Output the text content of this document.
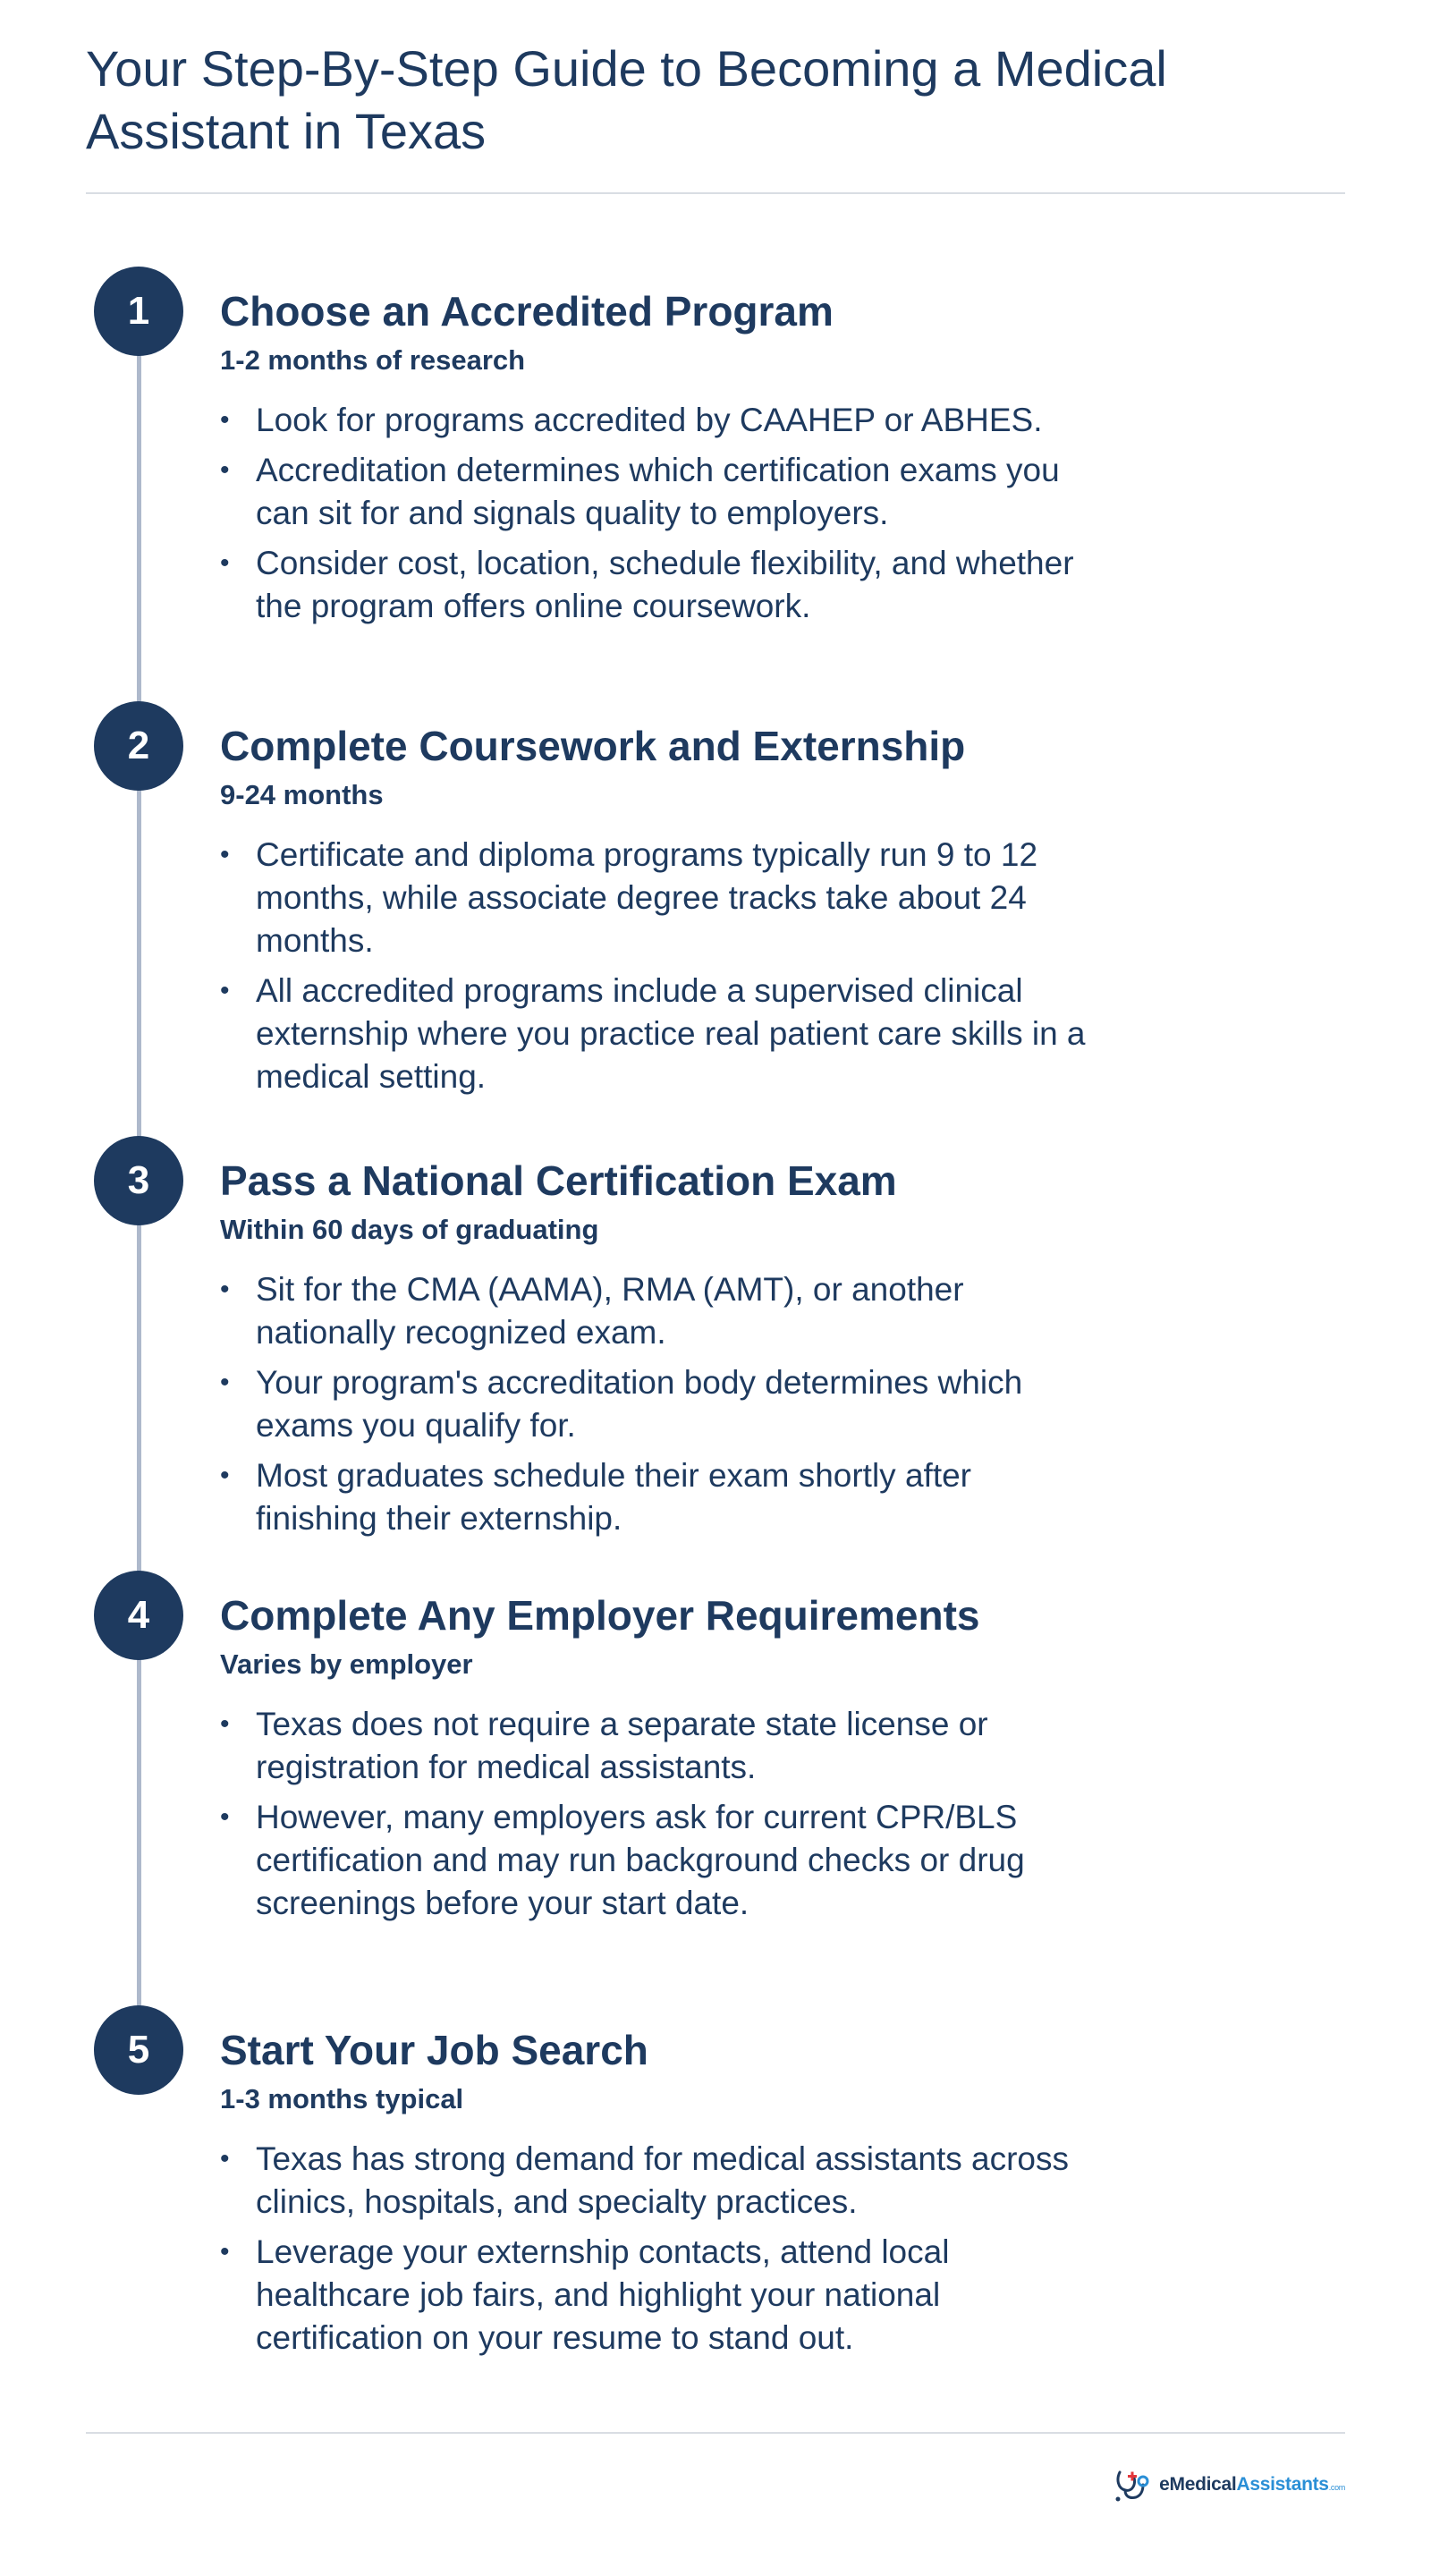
Your Step-By-Step Guide to Becoming a Medical Assistant in Texas
1	Choose an Accredited Program

1-2 months of research

• Look for programs accredited by CAAHEP or ABHES.
• Accreditation determines which certification exams you can sit for and signals quality to employers.
• Consider cost, location, schedule flexibility, and whether the program offers online coursework.
2	Complete Coursework and Externship

9-24 months

• Certificate and diploma programs typically run 9 to 12 months, while associate degree tracks take about 24 months.
• All accredited programs include a supervised clinical externship where you practice real patient care skills in a medical setting.
3	Pass a National Certification Exam

Within 60 days of graduating

• Sit for the CMA (AAMA), RMA (AMT), or another nationally recognized exam.
• Your program's accreditation body determines which exams you qualify for.
• Most graduates schedule their exam shortly after finishing their externship.
4	Complete Any Employer Requirements

Varies by employer

• Texas does not require a separate state license or registration for medical assistants.
• However, many employers ask for current CPR/BLS certification and may run background checks or drug screenings before your start date.
5	Start Your Job Search

1-3 months typical

• Texas has strong demand for medical assistants across clinics, hospitals, and specialty practices.
• Leverage your externship contacts, attend local healthcare job fairs, and highlight your national certification on your resume to stand out.
eMedicalAssistants.com
